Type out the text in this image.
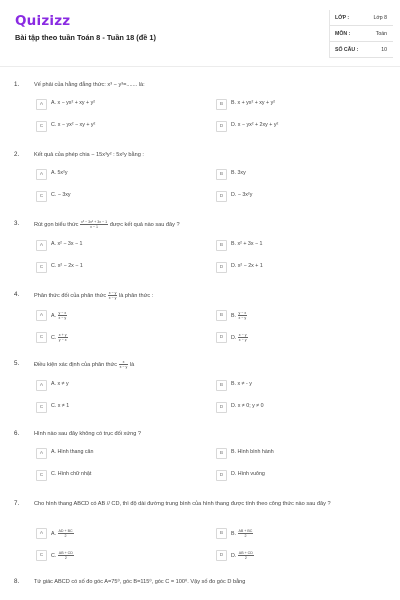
Quizizz
Bài tập theo tuần Toán 8 - Tuần 18 (đề 1)
LỚP :	Lớp 8
MÔN :	Toán
SỐ CÂU :	10
1.	Vế phải của hằng đẳng thức: x³ − y³=....... là:
A	A. x − yx² + xy + y²	B	B. x + yx² + xy + y²
C	C. x − yx² − xy + y²	D	D. x − yx² + 2xy + y²
2.	Kết quả của phép chia − 15x³y² : 5x²y bằng :
A	A. 5x²y	B	B. 3xy
C	C. − 3xy	D	D. − 3x²y
3.	Rút gọn biểu thức $\frac{\text{x³ − 3x² + 3x − 1}}{x - 1}$ được kết quả nào sau đây ?
A	A. x² − 3x − 1	B	B. x² + 3x − 1
C	C. x² − 2x − 1	D	D. x² − 2x + 1
4.	Phân thức đối của phân thức $\frac{x - y}{x - y}$ là phân thức :
A	A. $\frac{y - x}{x - y}$	B	B. $\frac{y - x}{x - y}$
C	C. $\frac{x + y}{y - x}$	D	D. $\frac{x - y}{x - y}$
5.	Điều kiện xác định của phân thức $\frac{x}{x - y}$ là
A	A. x ≠ y	B	B. x ≠ - y
C	C. x ≠ 1	D	D. x ≠ 0; y ≠ 0
6.	Hình nào sau đây không có trục đối xứng ?
A	A. Hình thang cân	B	B. Hình bình hành
C	C. Hình chữ nhật	D	D. Hình vuông
7.	Cho hình thang ABCD có AB // CD, thì độ dài đường trung bình của hình thang được tính theo công thức nào sau đây ?
A	A. $\frac{AD + BC}{2}$	B	B. $\frac{AB + BC}{2}$
C	C. $\frac{AB + CD}{2}$	D	D. $\frac{AB + CD}{2}$
8.	Tứ giác ABCD có số đo góc A=75⁰, góc B=115⁰, góc C = 100⁰. Vậy số đo góc D bằng
